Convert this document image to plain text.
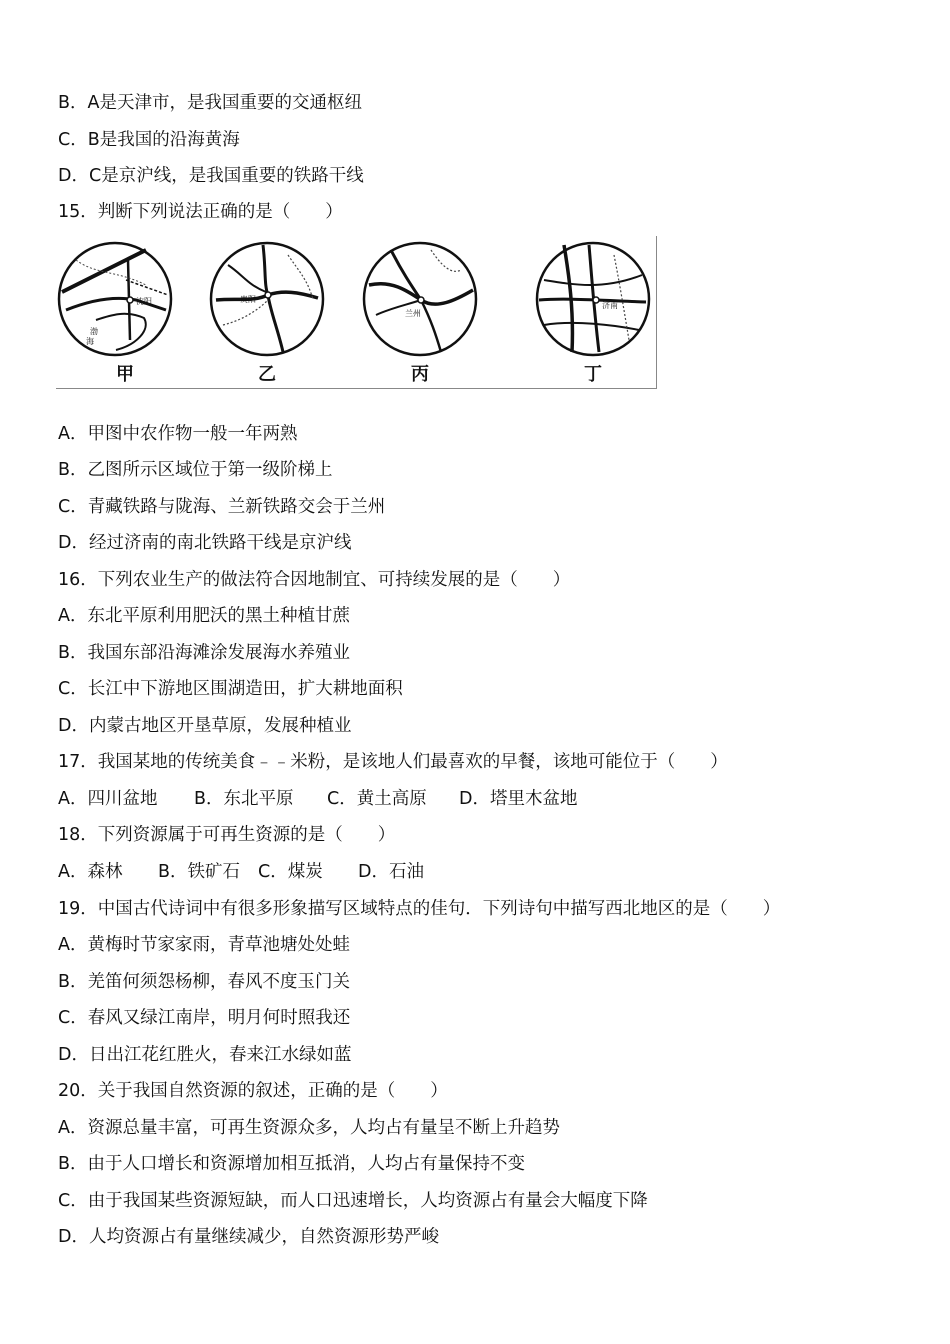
B．A是天津市，是我国重要的交通枢纽
C．B是我国的沿海黄海
D．C是京沪线，是我国重要的铁路干线
15．判断下列说法正确的是（　　）
沈阳
渤
海
甲
贵阳
乙
兰州
丙
济南
丁
A．甲图中农作物一般一年两熟
B．乙图所示区域位于第一级阶梯上
C．青藏铁路与陇海、兰新铁路交会于兰州
D．经过济南的南北铁路干线是京沪线
16．下列农业生产的做法符合因地制宜、可持续发展的是（　　）
A．东北平原利用肥沃的黑土种植甘蔗
B．我国东部沿海滩涂发展海水养殖业
C．长江中下游地区围湖造田，扩大耕地面积
D．内蒙古地区开垦草原，发展种植业
17．我国某地的传统美食﹣﹣米粉，是该地人们最喜欢的早餐，该地可能位于（　　）
A．四川盆地 B．东北平原 C．黄土高原 D．塔里木盆地
18．下列资源属于可再生资源的是（　　）
A．森林 B．铁矿石 C．煤炭 D．石油
19．中国古代诗词中有很多形象描写区域特点的佳句．下列诗句中描写西北地区的是（　　）
A．黄梅时节家家雨，青草池塘处处蛙
B．羌笛何须怨杨柳，春风不度玉门关
C．春风又绿江南岸，明月何时照我还
D．日出江花红胜火，春来江水绿如蓝
20．关于我国自然资源的叙述，正确的是（　　）
A．资源总量丰富，可再生资源众多，人均占有量呈不断上升趋势
B．由于人口增长和资源增加相互抵消，人均占有量保持不变
C．由于我国某些资源短缺，而人口迅速增长，人均资源占有量会大幅度下降
D．人均资源占有量继续减少，自然资源形势严峻
